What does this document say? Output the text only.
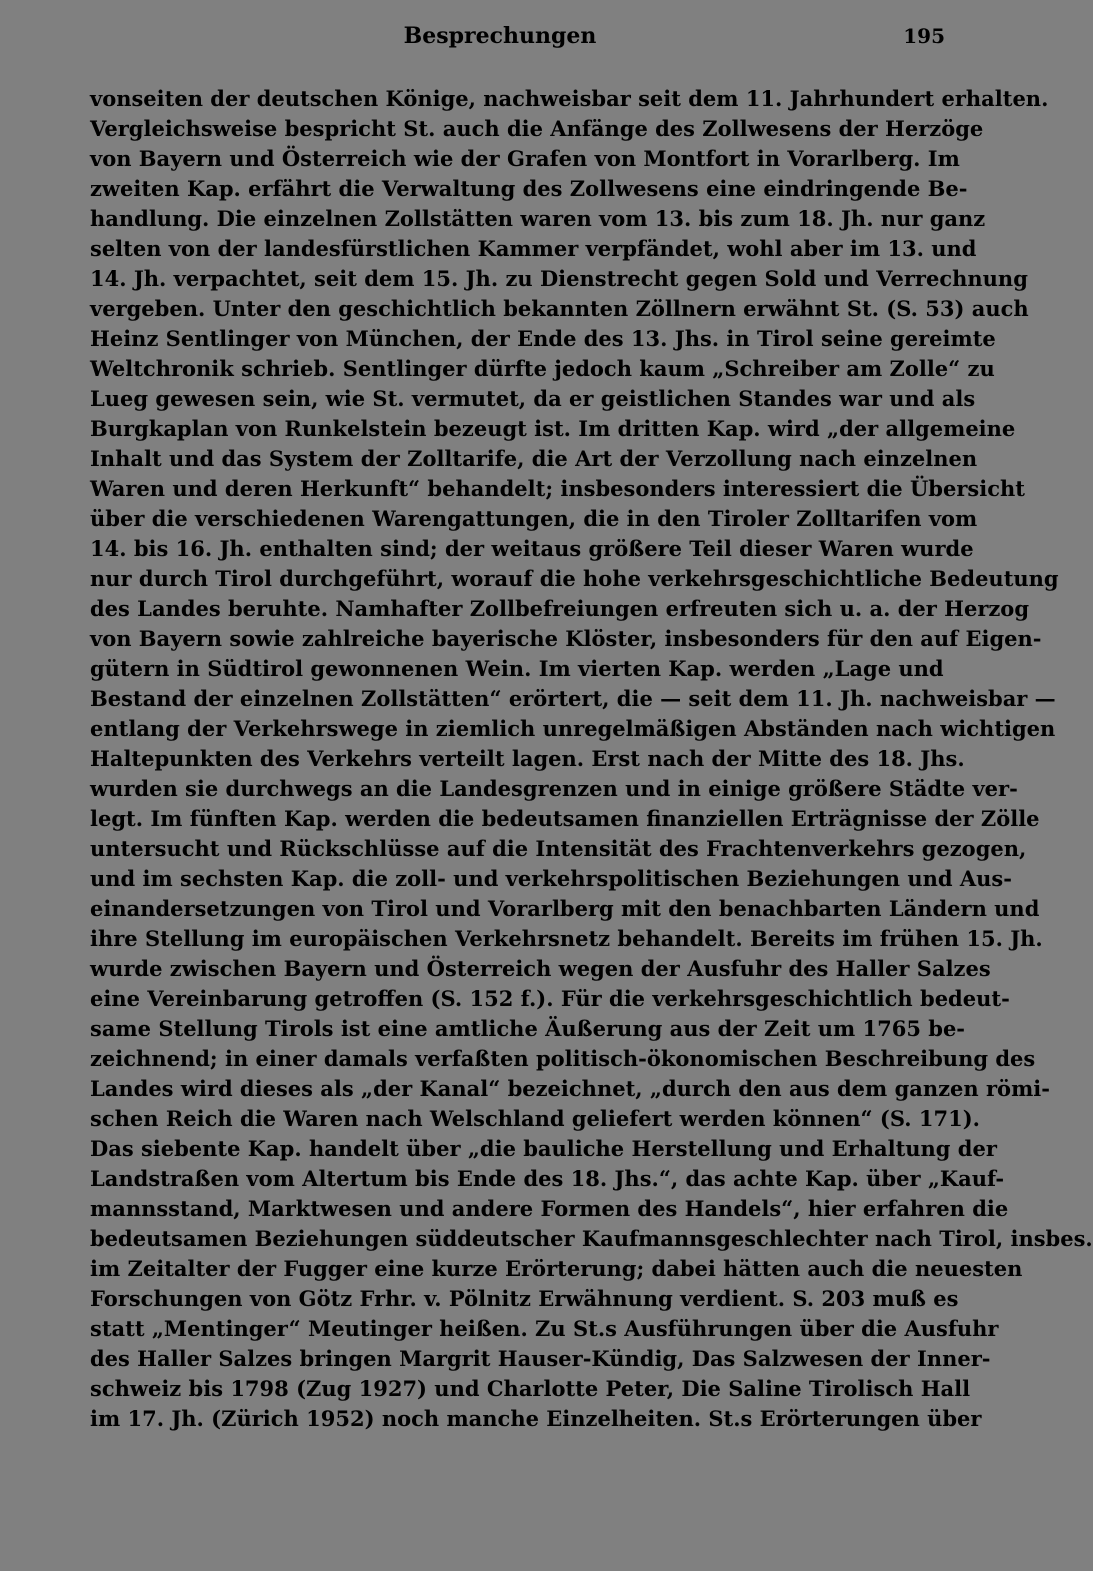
Besprechungen	195
vonseiten der deutschen Könige, nachweisbar seit dem 11. Jahrhundert erhalten.
Vergleichsweise bespricht St. auch die Anfänge des Zollwesens der Herzöge
von Bayern und Österreich wie der Grafen von Montfort in Vorarlberg. Im
zweiten Kap. erfährt die Verwaltung des Zollwesens eine eindringende Be-
handlung. Die einzelnen Zollstätten waren vom 13. bis zum 18. Jh. nur ganz
selten von der landesfürstlichen Kammer verpfändet, wohl aber im 13. und
14. Jh. verpachtet, seit dem 15. Jh. zu Dienstrecht gegen Sold und Verrechnung
vergeben. Unter den geschichtlich bekannten Zöllnern erwähnt St. (S. 53) auch
Heinz Sentlinger von München, der Ende des 13. Jhs. in Tirol seine gereimte
Weltchronik schrieb. Sentlinger dürfte jedoch kaum „Schreiber am Zolle“ zu
Lueg gewesen sein, wie St. vermutet, da er geistlichen Standes war und als
Burgkaplan von Runkelstein bezeugt ist. Im dritten Kap. wird „der allgemeine
Inhalt und das System der Zolltarife, die Art der Verzollung nach einzelnen
Waren und deren Herkunft“ behandelt; insbesonders interessiert die Übersicht
über die verschiedenen Warengattungen, die in den Tiroler Zolltarifen vom
14. bis 16. Jh. enthalten sind; der weitaus größere Teil dieser Waren wurde
nur durch Tirol durchgeführt, worauf die hohe verkehrsgeschichtliche Bedeutung
des Landes beruhte. Namhafter Zollbefreiungen erfreuten sich u. a. der Herzog
von Bayern sowie zahlreiche bayerische Klöster, insbesonders für den auf Eigen-
gütern in Südtirol gewonnenen Wein. Im vierten Kap. werden „Lage und
Bestand der einzelnen Zollstätten“ erörtert, die — seit dem 11. Jh. nachweisbar —
entlang der Verkehrswege in ziemlich unregelmäßigen Abständen nach wichtigen
Haltepunkten des Verkehrs verteilt lagen. Erst nach der Mitte des 18. Jhs.
wurden sie durchwegs an die Landesgrenzen und in einige größere Städte ver-
legt. Im fünften Kap. werden die bedeutsamen finanziellen Erträgnisse der Zölle
untersucht und Rückschlüsse auf die Intensität des Frachtenverkehrs gezogen,
und im sechsten Kap. die zoll- und verkehrspolitischen Beziehungen und Aus-
einandersetzungen von Tirol und Vorarlberg mit den benachbarten Ländern und
ihre Stellung im europäischen Verkehrsnetz behandelt. Bereits im frühen 15. Jh.
wurde zwischen Bayern und Österreich wegen der Ausfuhr des Haller Salzes
eine Vereinbarung getroffen (S. 152 f.). Für die verkehrsgeschichtlich bedeut-
same Stellung Tirols ist eine amtliche Äußerung aus der Zeit um 1765 be-
zeichnend; in einer damals verfaßten politisch-ökonomischen Beschreibung des
Landes wird dieses als „der Kanal“ bezeichnet, „durch den aus dem ganzen römi-
schen Reich die Waren nach Welschland geliefert werden können“ (S. 171).
Das siebente Kap. handelt über „die bauliche Herstellung und Erhaltung der
Landstraßen vom Altertum bis Ende des 18. Jhs.“, das achte Kap. über „Kauf-
mannsstand, Marktwesen und andere Formen des Handels“, hier erfahren die
bedeutsamen Beziehungen süddeutscher Kaufmannsgeschlechter nach Tirol, insbes.
im Zeitalter der Fugger eine kurze Erörterung; dabei hätten auch die neuesten
Forschungen von Götz Frhr. v. Pölnitz Erwähnung verdient. S. 203 muß es
statt „Mentinger“ Meutinger heißen. Zu St.s Ausführungen über die Ausfuhr
des Haller Salzes bringen Margrit Hauser-Kündig, Das Salzwesen der Inner-
schweiz bis 1798 (Zug 1927) und Charlotte Peter, Die Saline Tirolisch Hall
im 17. Jh. (Zürich 1952) noch manche Einzelheiten. St.s Erörterungen über
